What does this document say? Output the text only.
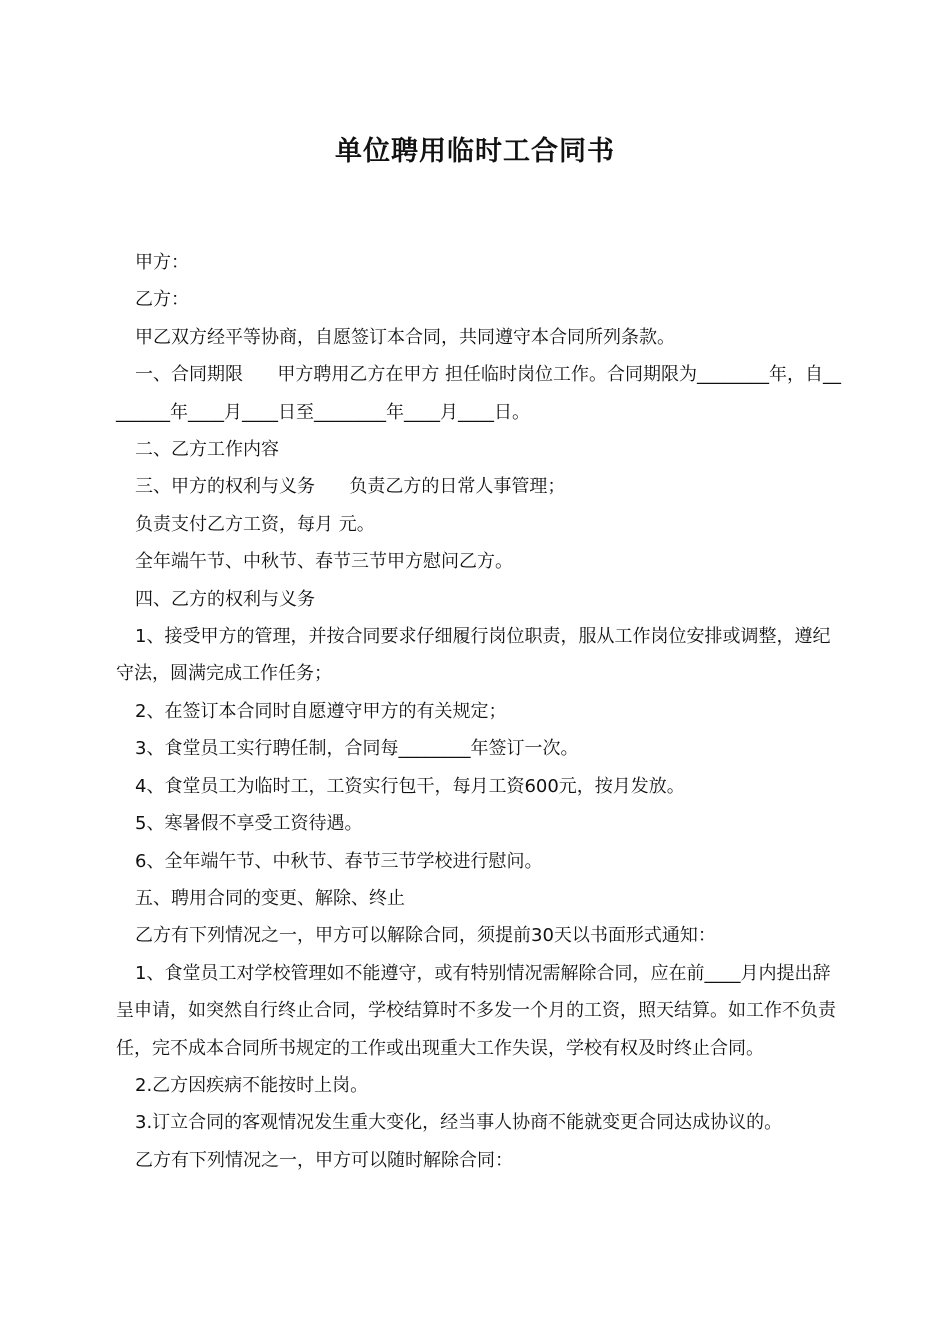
单位聘用临时工合同书

甲方：

乙方：

甲乙双方经平等协商，自愿签订本合同，共同遵守本合同所列条款。

一、合同期限      甲方聘用乙方在甲方 担任临时岗位工作。合同期限为________年，自________年____月____日至________年____月____日。

二、乙方工作内容

三、甲方的权利与义务      负责乙方的日常人事管理；

负责支付乙方工资，每月 元。

全年端午节、中秋节、春节三节甲方慰问乙方。

四、乙方的权利与义务

1、接受甲方的管理，并按合同要求仔细履行岗位职责，服从工作岗位安排或调整，遵纪守法，圆满完成工作任务；

2、在签订本合同时自愿遵守甲方的有关规定；

3、食堂员工实行聘任制，合同每________年签订一次。

4、食堂员工为临时工，工资实行包干，每月工资600元，按月发放。

5、寒暑假不享受工资待遇。

6、全年端午节、中秋节、春节三节学校进行慰问。

五、聘用合同的变更、解除、终止

乙方有下列情况之一，甲方可以解除合同，须提前30天以书面形式通知：

1、食堂员工对学校管理如不能遵守，或有特别情况需解除合同，应在前____月内提出辞呈申请，如突然自行终止合同，学校结算时不多发一个月的工资，照天结算。如工作不负责任，完不成本合同所书规定的工作或出现重大工作失误，学校有权及时终止合同。

2.乙方因疾病不能按时上岗。

3.订立合同的客观情况发生重大变化，经当事人协商不能就变更合同达成协议的。

乙方有下列情况之一，甲方可以随时解除合同：
